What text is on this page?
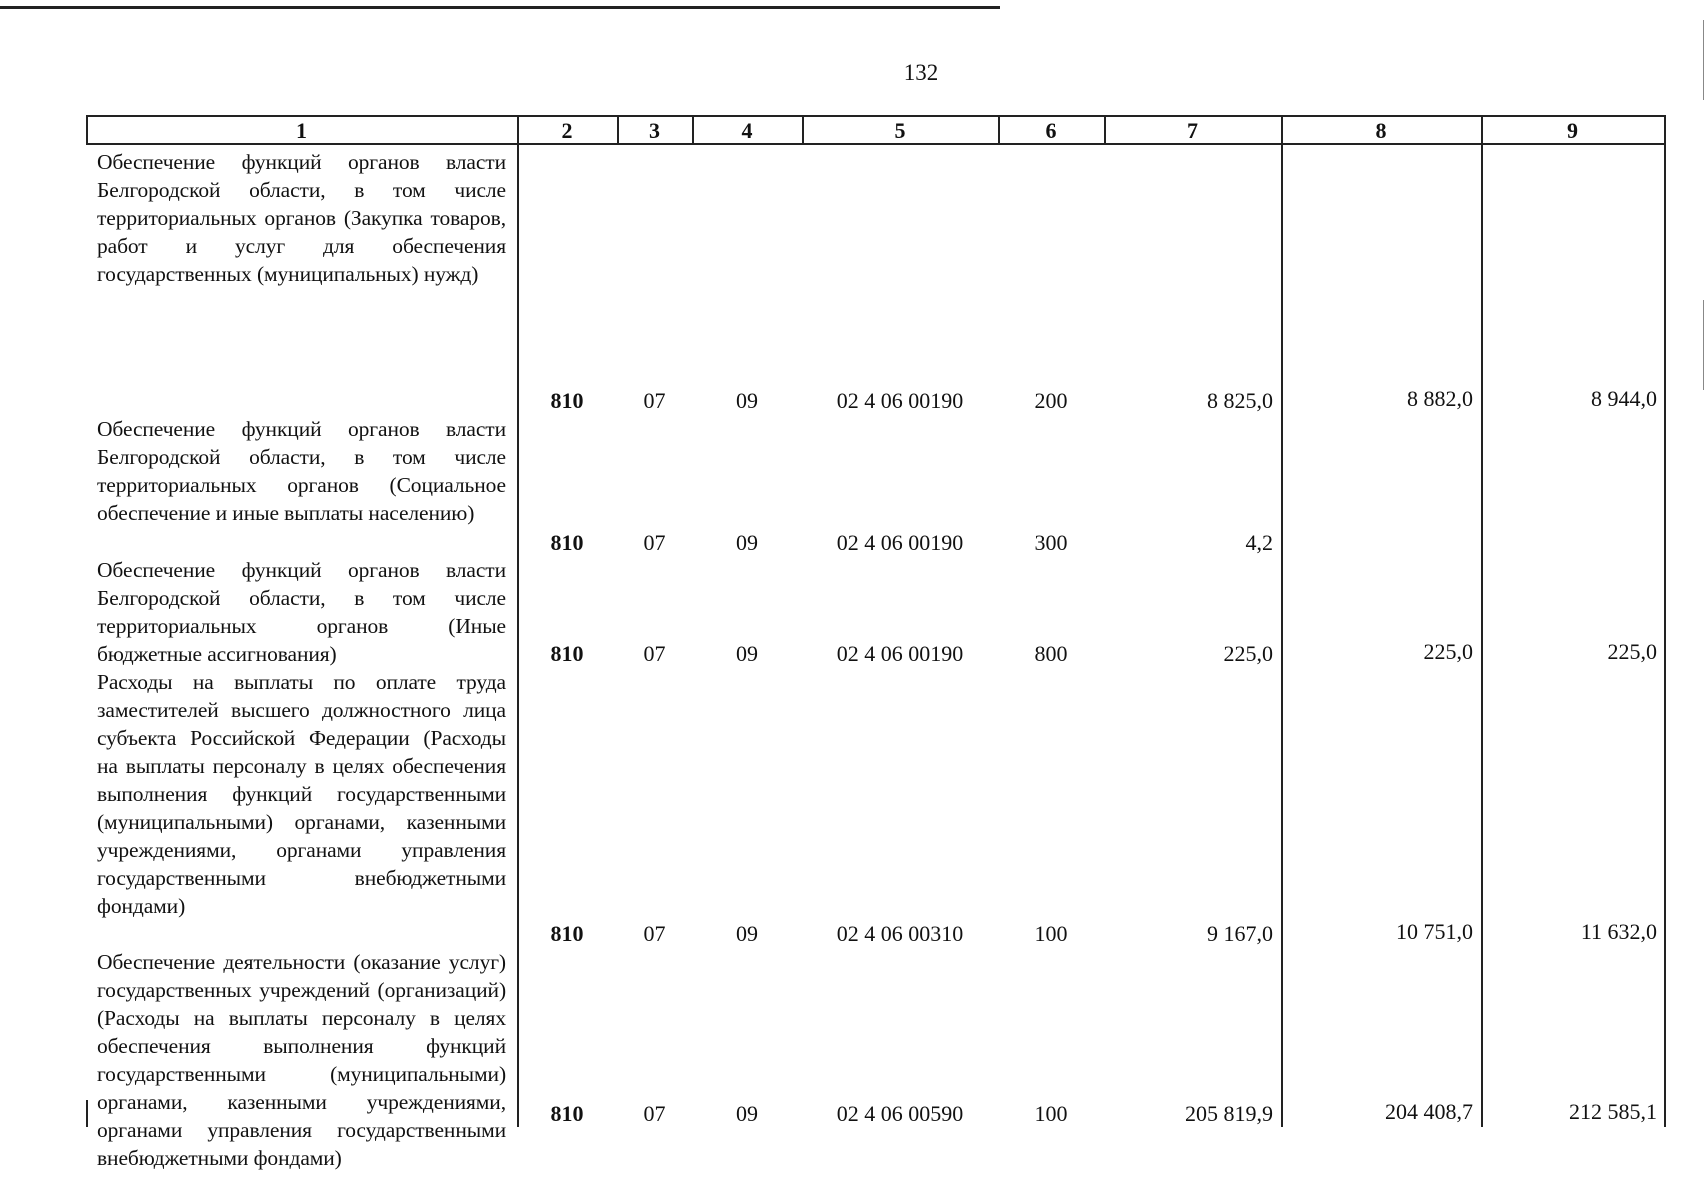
132
1	2	3	4	5	6	7	8	9
Обеспечение функций органов власти Белгородской области, в том числе территориальных органов (Закупка товаров, работ и услуг для обеспечения государственных (муниципальных) нужд)
810	07	09	02 4 06 00190	200	8 825,0	8 882,0	8 944,0
Обеспечение функций органов власти Белгородской области, в том числе территориальных органов (Социальное обеспечение и иные выплаты населению)
810	07	09	02 4 06 00190	300	4,2
Обеспечение функций органов власти Белгородской области, в том числе территориальных органов (Иные бюджетные ассигнования)	810	07	09	02 4 06 00190	800	225,0	225,0	225,0
Расходы на выплаты по оплате труда заместителей высшего должностного лица субъекта Российской Федерации (Расходы на выплаты персоналу в целях обеспечения выполнения функций государственными (муниципальными) органами, казенными учреждениями, органами управления государственными внебюджетными фондами)
810	07	09	02 4 06 00310	100	9 167,0	10 751,0	11 632,0
Обеспечение деятельности (оказание услуг) государственных учреждений (организаций) (Расходы на выплаты персоналу в целях обеспечения выполнения функций государственными (муниципальными) органами, казенными учреждениями, органами управления государственными внебюджетными фондами)
810	07	09	02 4 06 00590	100	205 819,9	204 408,7	212 585,1
